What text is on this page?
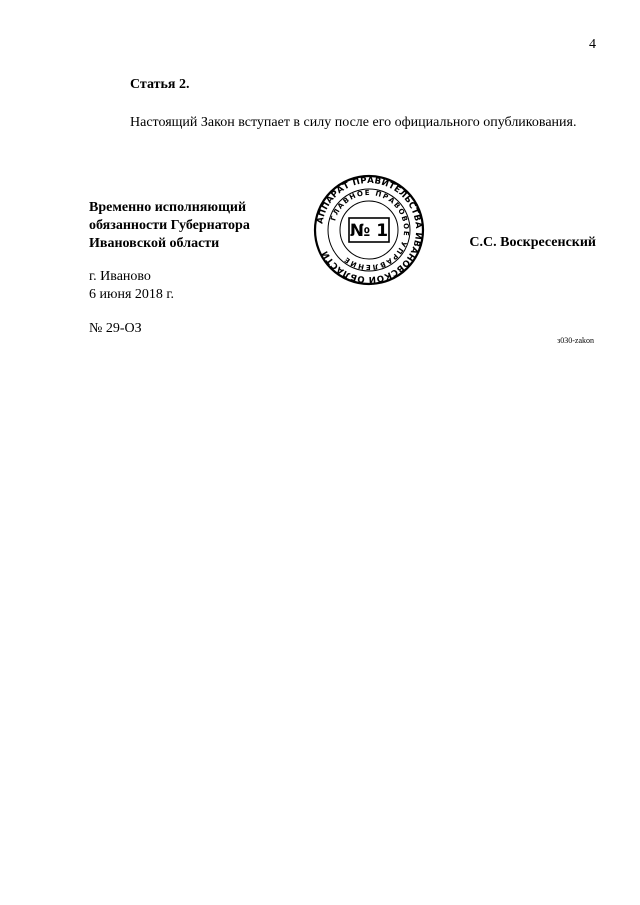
4
Статья 2.

Настоящий Закон вступает в силу после его официального опубликования.

Временно исполняющий
обязанности Губернатора
Ивановской области
АППАРАТ ПРАВИТЕЛЬСТВА ИВАНОВСКОЙ ОБЛАСТИ
ГЛАВНОЕ ПРАВОВОЕ УПРАВЛЕНИЕ
№ 1
С.С. Воскресенский
г. Иваново
6 июня 2018 г.
№ 29-ОЗ
з030-zakon
